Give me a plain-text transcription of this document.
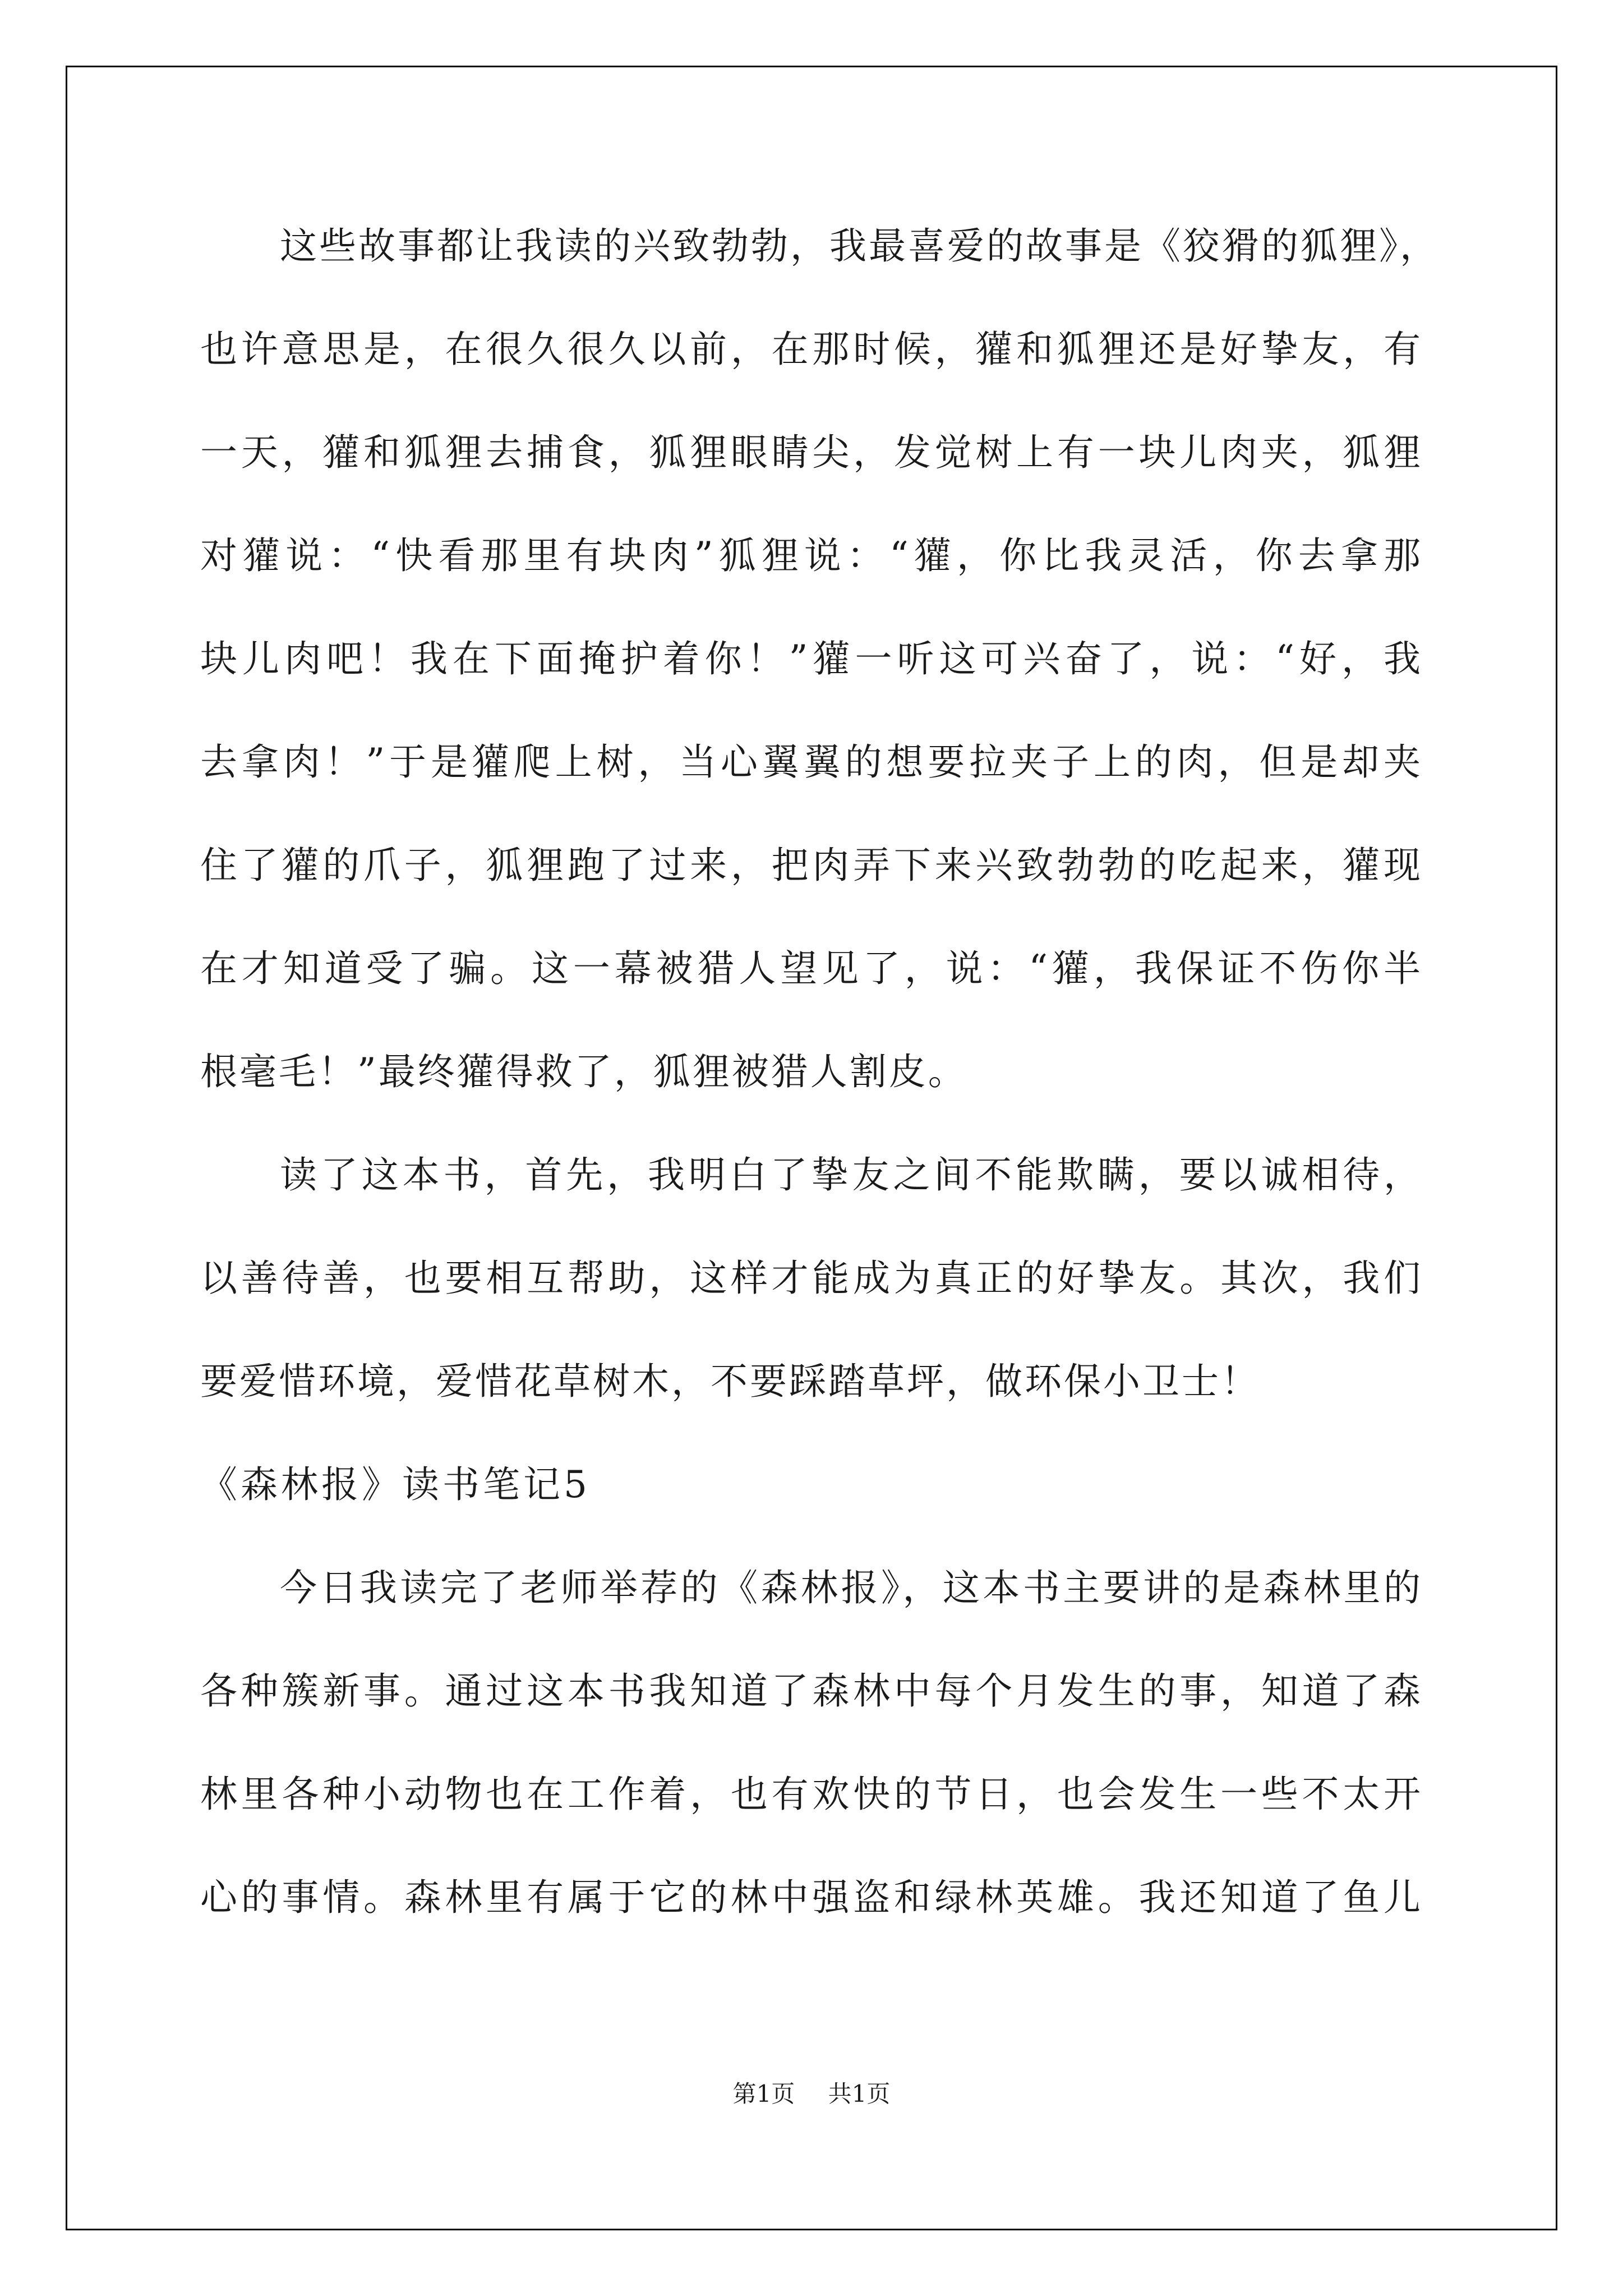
这些故事都让我读的兴致勃勃，我最喜爱的故事是《狡猾的狐狸》，
也许意思是，在很久很久以前，在那时候，獾和狐狸还是好挚友，有
一天，獾和狐狸去捕食，狐狸眼睛尖，发觉树上有一块儿肉夹，狐狸
对獾说：“快看那里有块肉”狐狸说：“獾，你比我灵活，你去拿那
块儿肉吧！我在下面掩护着你！”獾一听这可兴奋了，说：“好，我
去拿肉！”于是獾爬上树，当心翼翼的想要拉夹子上的肉，但是却夹
住了獾的爪子，狐狸跑了过来，把肉弄下来兴致勃勃的吃起来，獾现
在才知道受了骗。这一幕被猎人望见了，说：“獾，我保证不伤你半
根毫毛！”最终獾得救了，狐狸被猎人割皮。
读了这本书，首先，我明白了挚友之间不能欺瞒，要以诚相待，
以善待善，也要相互帮助，这样才能成为真正的好挚友。其次，我们
要爱惜环境，爱惜花草树木，不要踩踏草坪，做环保小卫士！
《森林报》读书笔记5
今日我读完了老师举荐的《森林报》，这本书主要讲的是森林里的
各种簇新事。通过这本书我知道了森林中每个月发生的事，知道了森
林里各种小动物也在工作着，也有欢快的节日，也会发生一些不太开
心的事情。森林里有属于它的林中强盗和绿林英雄。我还知道了鱼儿
第1页 共1页
